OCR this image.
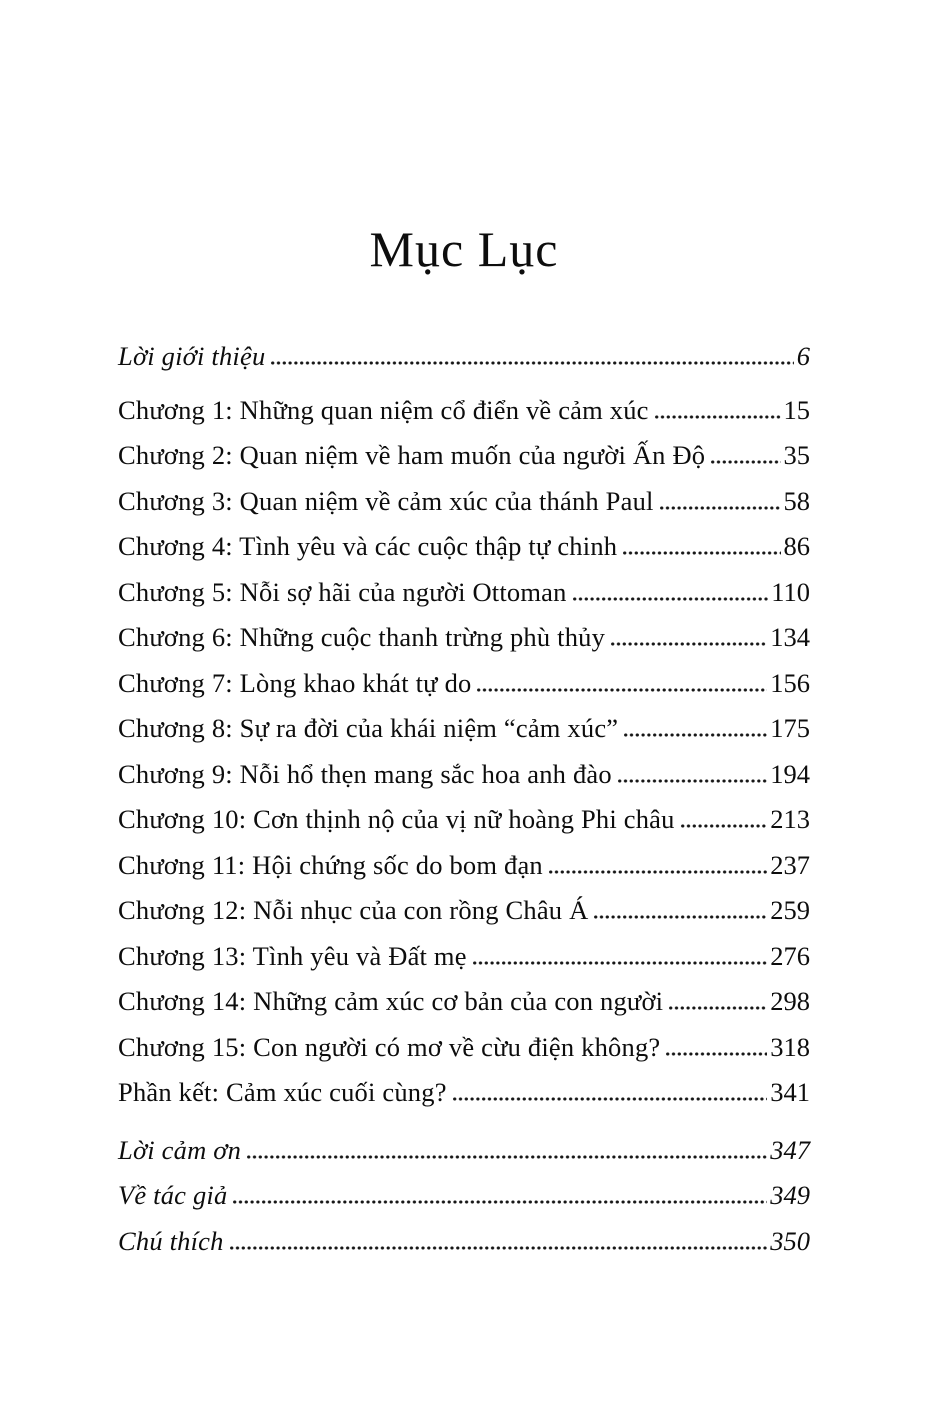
Mục Lục
Lời giới thiệu	6
Chương 1: Những quan niệm cổ điển về cảm xúc	15
Chương 2: Quan niệm về ham muốn của người Ấn Độ	35
Chương 3: Quan niệm về cảm xúc của thánh Paul	58
Chương 4: Tình yêu và các cuộc thập tự chinh	86
Chương 5: Nỗi sợ hãi của người Ottoman	110
Chương 6: Những cuộc thanh trừng phù thủy	134
Chương 7: Lòng khao khát tự do	156
Chương 8: Sự ra đời của khái niệm “cảm xúc”	175
Chương 9: Nỗi hổ thẹn mang sắc hoa anh đào	194
Chương 10: Cơn thịnh nộ của vị nữ hoàng Phi châu	213
Chương 11: Hội chứng sốc do bom đạn	237
Chương 12: Nỗi nhục của con rồng Châu Á	259
Chương 13: Tình yêu và Đất mẹ	276
Chương 14: Những cảm xúc cơ bản của con người	298
Chương 15: Con người có mơ về cừu điện không?	318
Phần kết: Cảm xúc cuối cùng?	341
Lời cảm ơn	347
Về tác giả	349
Chú thích	350
